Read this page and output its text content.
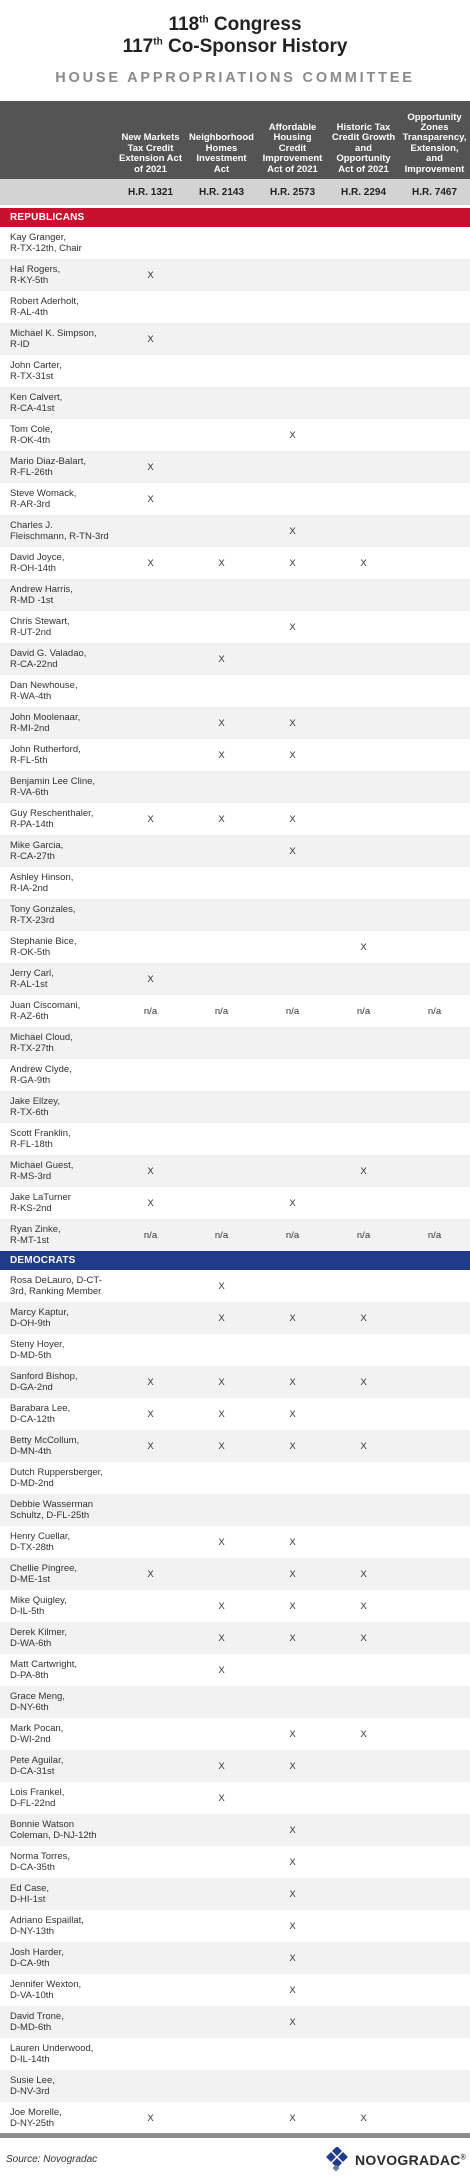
118th Congress
117th Co-Sponsor History
HOUSE APPROPRIATIONS COMMITTEE
	New Markets Tax Credit Extension Act of 2021	Neighborhood Homes Investment Act	Affordable Housing Credit Improvement Act of 2021	Historic Tax Credit Growth and Opportunity Act of 2021	Opportunity Zones Transparency, Extension, and Improvement
	H.R. 1321	H.R. 2143	H.R. 2573	H.R. 2294	H.R. 7467
REPUBLICANS					
Kay Granger,
R-TX-12th, Chair					
Hal Rogers,
R-KY-5th	X				
Robert Aderholt,
R-AL-4th					
Michael K. Simpson,
R-ID	X				
John Carter,
R-TX-31st					
Ken Calvert,
R-CA-41st					
Tom Cole,
R-OK-4th			X		
Mario Diaz-Balart,
R-FL-26th	X				
Steve Womack,
R-AR-3rd	X				
Charles J.
Fleischmann, R-TN-3rd			X		
David Joyce,
R-OH-14th	X	X	X	X	
Andrew Harris,
R-MD -1st					
Chris Stewart,
R-UT-2nd			X		
David G. Valadao,
R-CA-22nd		X			
Dan Newhouse,
R-WA-4th					
John Moolenaar,
R-MI-2nd		X	X		
John Rutherford,
R-FL-5th		X	X		
Benjamin Lee Cline,
R-VA-6th					
Guy Reschenthaler,
R-PA-14th	X	X	X		
Mike Garcia,
R-CA-27th			X		
Ashley Hinson,
R-IA-2nd					
Tony Gonzales,
R-TX-23rd					
Stephanie Bice,
R-OK-5th				X	
Jerry Carl,
R-AL-1st	X				
Juan Ciscomani,
R-AZ-6th	n/a	n/a	n/a	n/a	n/a
Michael Cloud,
R-TX-27th					
Andrew Clyde,
R-GA-9th					
Jake Ellzey,
R-TX-6th					
Scott Franklin,
R-FL-18th					
Michael Guest,
R-MS-3rd	X			X	
Jake LaTurner
R-KS-2nd	X		X		
Ryan Zinke,
R-MT-1st	n/a	n/a	n/a	n/a	n/a
DEMOCRATS					
Rosa DeLauro, D-CT-
3rd, Ranking Member		X			
Marcy Kaptur,
D-OH-9th		X	X	X	
Steny Hoyer,
D-MD-5th					
Sanford Bishop,
D-GA-2nd	X	X	X	X	
Barabara Lee,
D-CA-12th	X	X	X		
Betty McCollum,
D-MN-4th	X	X	X	X	
Dutch Ruppersberger,
D-MD-2nd					
Debbie Wasserman
Schultz, D-FL-25th					
Henry Cuellar,
D-TX-28th		X	X		
Chellie Pingree,
D-ME-1st	X		X	X	
Mike Quigley,
D-IL-5th		X	X	X	
Derek Kilmer,
D-WA-6th		X	X	X	
Matt Cartwright,
D-PA-8th		X			
Grace Meng,
D-NY-6th					
Mark Pocan,
D-WI-2nd			X	X	
Pete Aguilar,
D-CA-31st		X	X		
Lois Frankel,
D-FL-22nd		X			
Bonnie Watson
Coleman, D-NJ-12th			X		
Norma Torres,
D-CA-35th			X		
Ed Case,
D-HI-1st			X		
Adriano Espaillat,
D-NY-13th			X		
Josh Harder,
D-CA-9th			X		
Jennifer Wexton,
D-VA-10th			X		
David Trone,
D-MD-6th			X		
Lauren Underwood,
D-IL-14th					
Susie Lee,
D-NV-3rd					
Joe Morelle,
D-NY-25th	X		X	X	
Source: Novogradac	NOVOGRADAC®
